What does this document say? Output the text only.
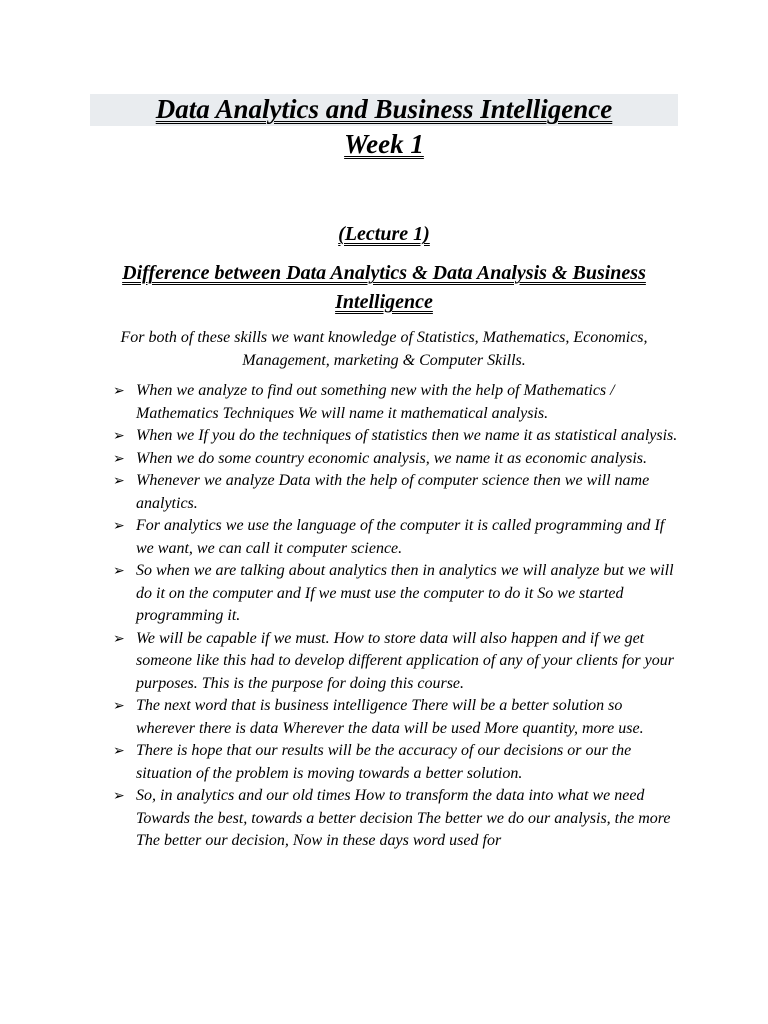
Data Analytics and Business Intelligence
Week 1
(Lecture 1)
Difference between Data Analytics & Data Analysis & Business Intelligence
For both of these skills we want knowledge of Statistics, Mathematics, Economics, Management, marketing & Computer Skills.
➢ When we analyze to find out something new with the help of Mathematics / Mathematics Techniques We will name it mathematical analysis.
➢ When we If you do the techniques of statistics then we name it as statistical analysis.
➢ When we do some country economic analysis, we name it as economic analysis.
➢ Whenever we analyze Data with the help of computer science then we will name analytics.
➢ For analytics we use the language of the computer it is called programming and If we want, we can call it computer science.
➢ So when we are talking about analytics then in analytics we will analyze but we will do it on the computer and If we must use the computer to do it So we started programming it.
➢ We will be capable if we must. How to store data will also happen and if we get someone like this had to develop different application of any of your clients for your purposes. This is the purpose for doing this course.
➢ The next word that is business intelligence There will be a better solution so wherever there is data Wherever the data will be used More quantity, more use.
➢ There is hope that our results will be the accuracy of our decisions or our the situation of the problem is moving towards a better solution.
➢ So, in analytics and our old times How to transform the data into what we need Towards the best, towards a better decision The better we do our analysis, the more The better our decision, Now in these days word used for
